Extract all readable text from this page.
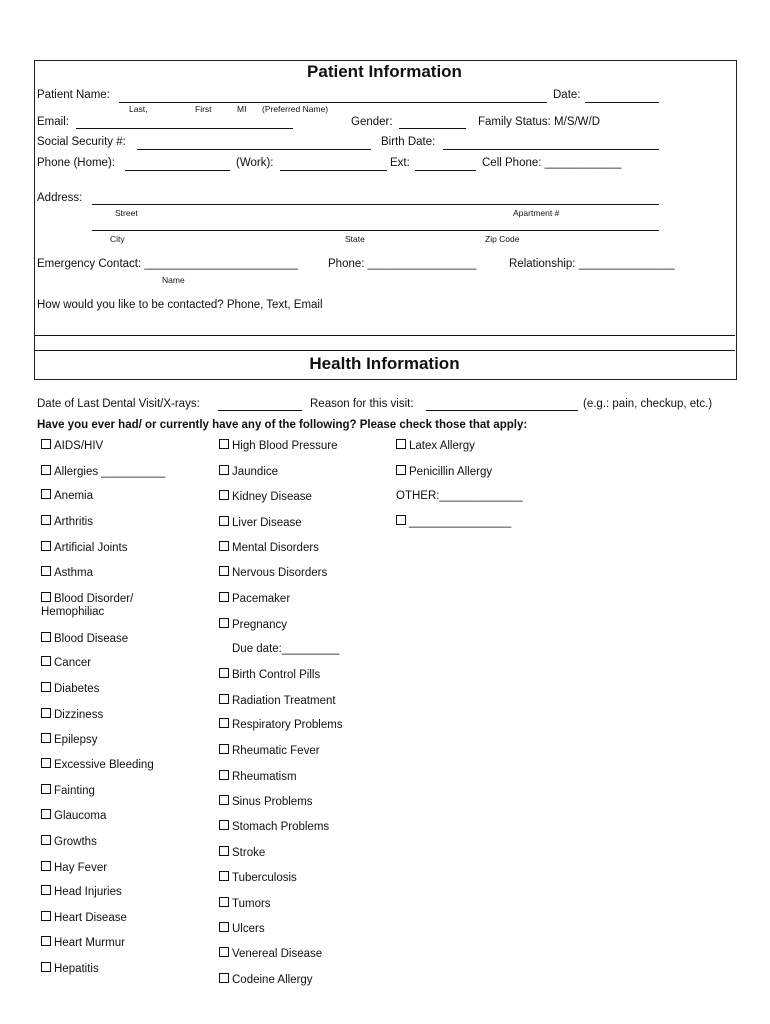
Patient Information
Patient Name:	Date:
Last,	First	MI (Preferred Name)
Email:	Gender:	Family Status: M/S/W/D
Social Security #:	Birth Date:
Phone (Home):	(Work):	Ext:	Cell Phone: ____________
Address:
Street	Apartment #
City	State	Zip Code
Emergency Contact: ________________________	Phone: _________________	Relationship: _______________
Name
How would you like to be contacted? Phone, Text, Email
Health Information
Date of Last Dental Visit/X-rays:	Reason for this visit:	(e.g.: pain, checkup, etc.)
Have you ever had/ or currently have any of the following? Please check those that apply:
AIDS/HIV
Allergies __________
Anemia
Arthritis
Artificial Joints
Asthma
Blood Disorder/
Hemophiliac
Blood Disease
Cancer
Diabetes
Dizziness
Epilepsy
Excessive Bleeding
Fainting
Glaucoma
Growths
Hay Fever
Head Injuries
Heart Disease
Heart Murmur
Hepatitis
High Blood Pressure
Jaundice
Kidney Disease
Liver Disease
Mental Disorders
Nervous Disorders
Pacemaker
Pregnancy
Due date:_________
Birth Control Pills
Radiation Treatment
Respiratory Problems
Rheumatic Fever
Rheumatism
Sinus Problems
Stomach Problems
Stroke
Tuberculosis
Tumors
Ulcers
Venereal Disease
Codeine Allergy
Latex Allergy
Penicillin Allergy
OTHER:_____________
________________
